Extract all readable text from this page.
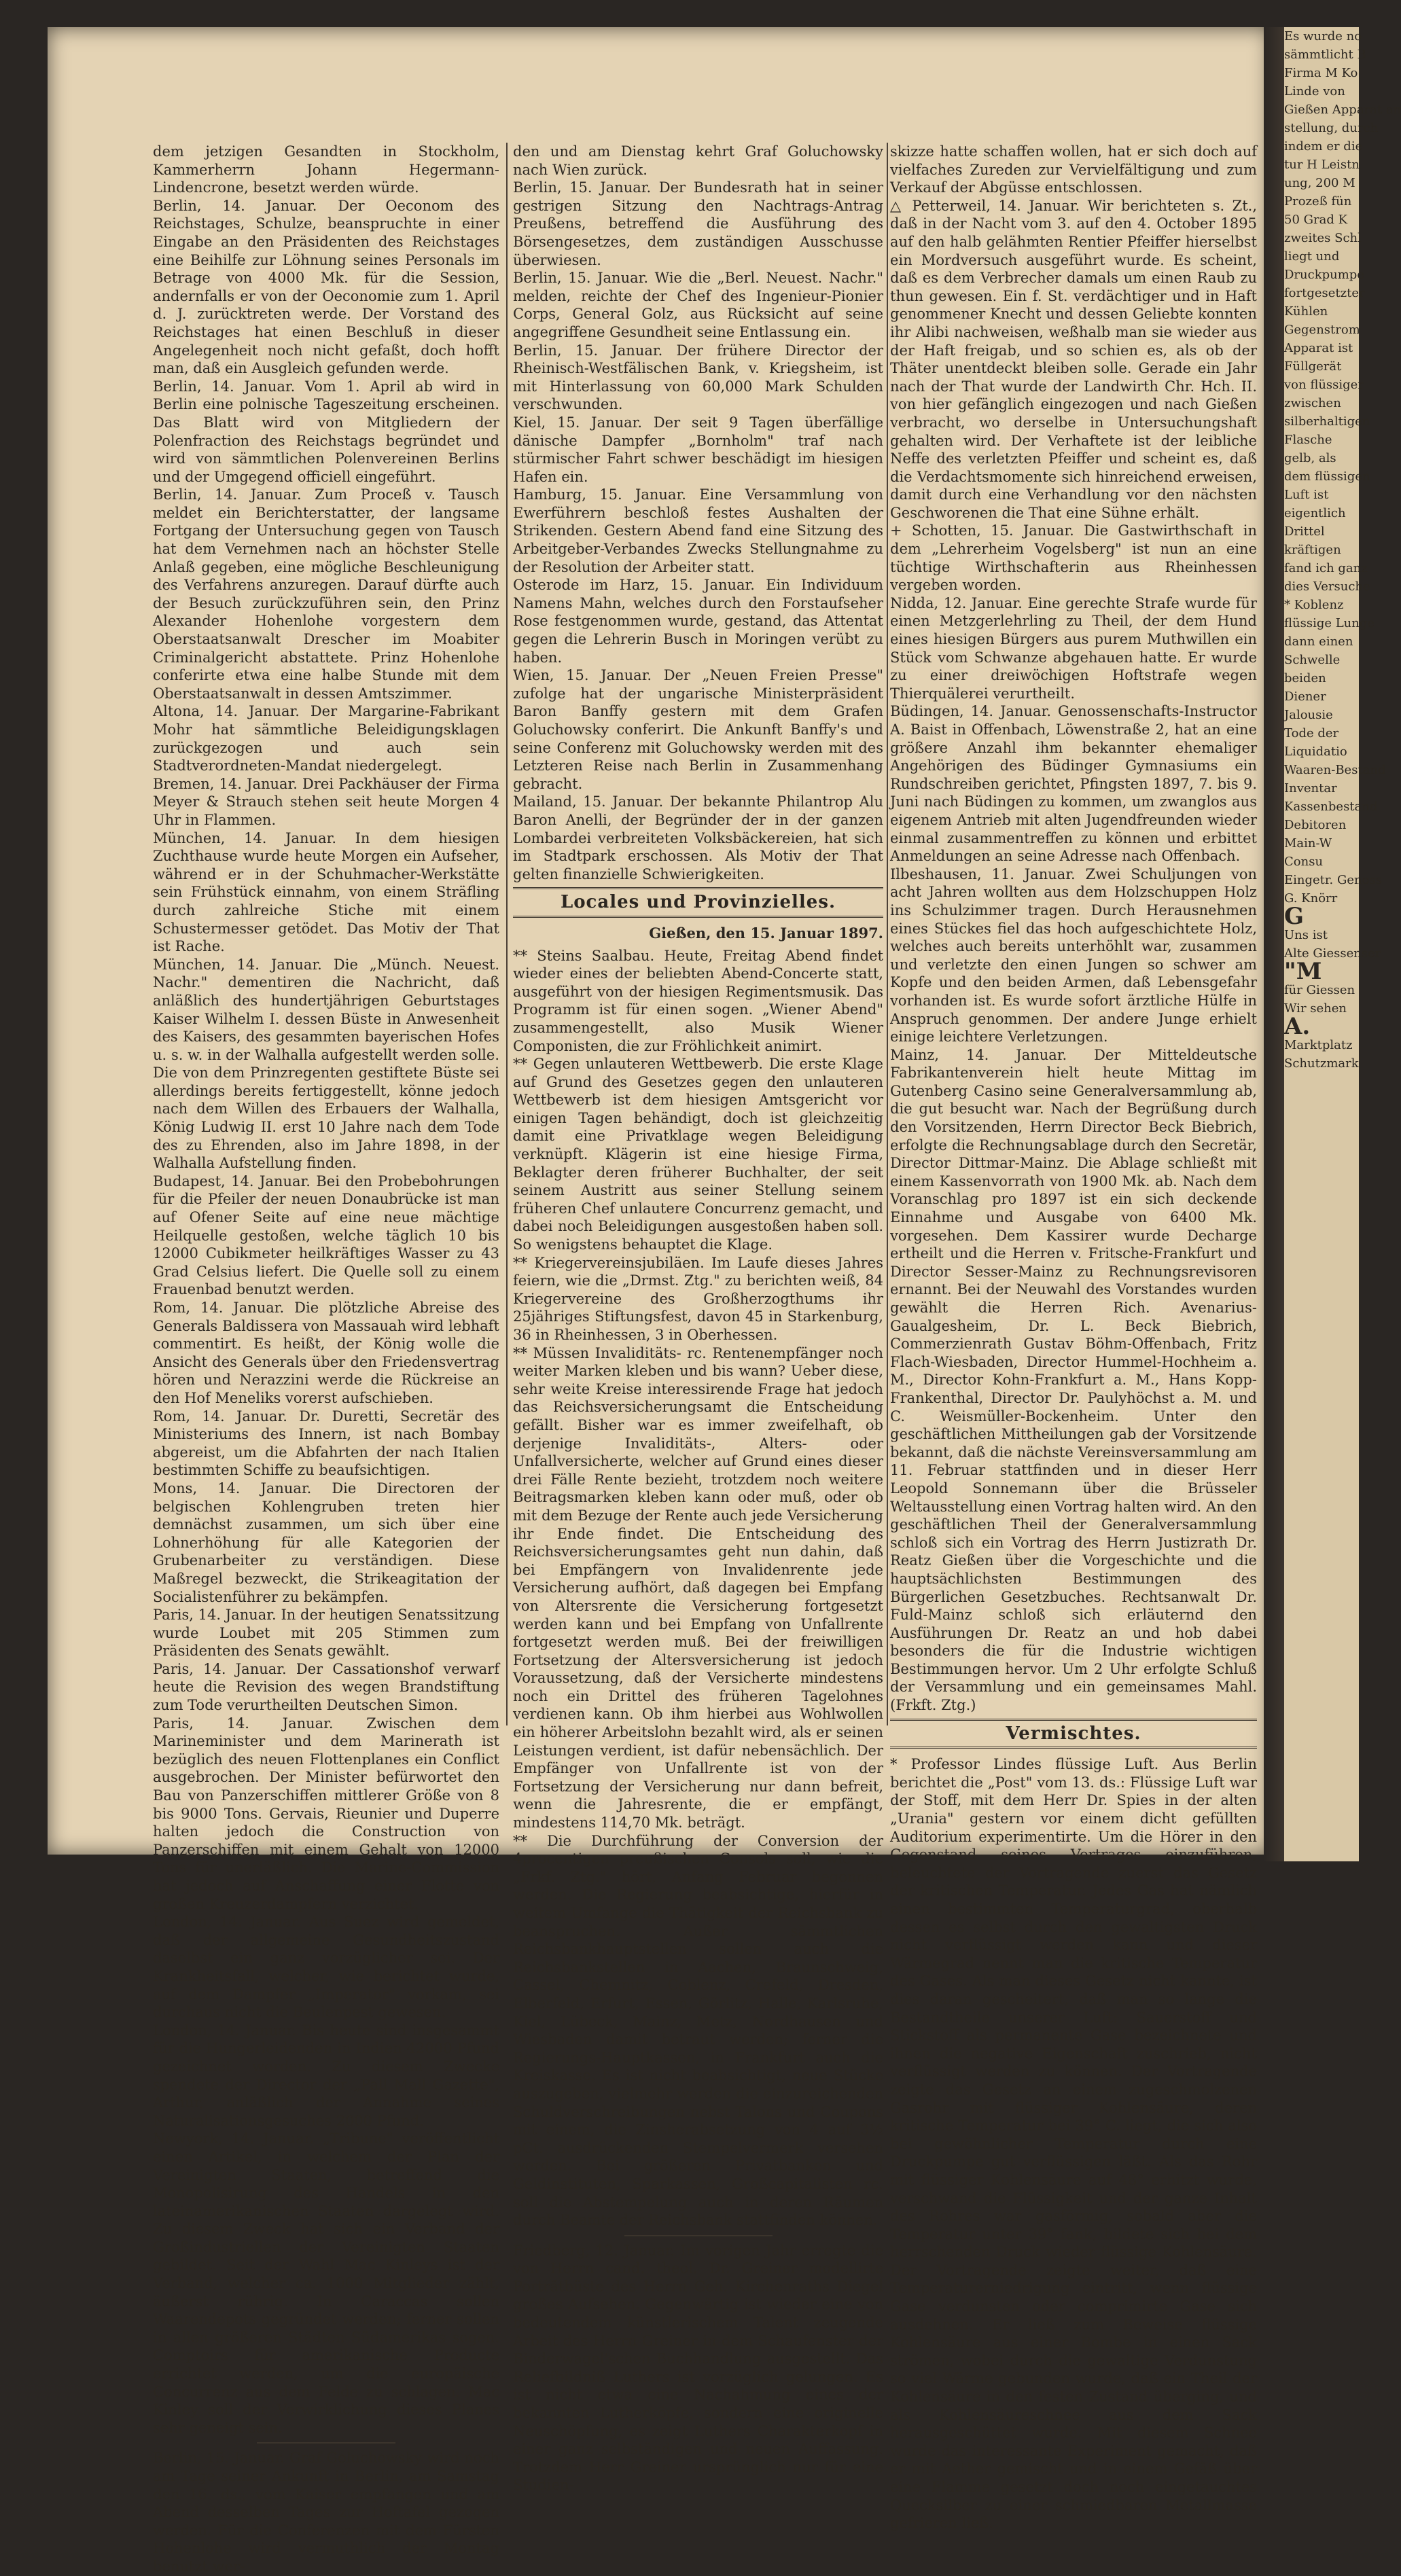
dem jetzigen Gesandten in Stockholm, Kammerherrn Johann Hegermann-Lindencrone, besetzt werden würde.

Berlin, 14. Januar. Der Oeconom des Reichstages, Schulze, beanspruchte in einer Eingabe an den Präsidenten des Reichstages eine Beihilfe zur Löhnung seines Personals im Betrage von 4000 Mk. für die Session, andernfalls er von der Oeconomie zum 1. April d. J. zurücktreten werde. Der Vorstand des Reichstages hat einen Beschluß in dieser Angelegenheit noch nicht gefaßt, doch hofft man, daß ein Ausgleich gefunden werde.

Berlin, 14. Januar. Vom 1. April ab wird in Berlin eine polnische Tageszeitung erscheinen. Das Blatt wird von Mitgliedern der Polenfraction des Reichstags begründet und wird von sämmtlichen Polenvereinen Berlins und der Umgegend officiell eingeführt.

Berlin, 14. Januar. Zum Proceß v. Tausch meldet ein Berichterstatter, der langsame Fortgang der Untersuchung gegen von Tausch hat dem Vernehmen nach an höchster Stelle Anlaß gegeben, eine mögliche Beschleunigung des Verfahrens anzuregen. Darauf dürfte auch der Besuch zurückzuführen sein, den Prinz Alexander Hohenlohe vorgestern dem Oberstaatsanwalt Drescher im Moabiter Criminalgericht abstattete. Prinz Hohenlohe conferirte etwa eine halbe Stunde mit dem Oberstaatsanwalt in dessen Amtszimmer.

Altona, 14. Januar. Der Margarine-Fabrikant Mohr hat sämmtliche Beleidigungsklagen zurückgezogen und auch sein Stadtverordneten-Mandat niedergelegt.

Bremen, 14. Januar. Drei Packhäuser der Firma Meyer & Strauch stehen seit heute Morgen 4 Uhr in Flammen.

München, 14. Januar. In dem hiesigen Zuchthause wurde heute Morgen ein Aufseher, während er in der Schuhmacher-Werkstätte sein Frühstück einnahm, von einem Sträfling durch zahlreiche Stiche mit einem Schustermesser getödet. Das Motiv der That ist Rache.

München, 14. Januar. Die „Münch. Neuest. Nachr." dementiren die Nachricht, daß anläßlich des hundertjährigen Geburtstages Kaiser Wilhelm I. dessen Büste in Anwesenheit des Kaisers, des gesammten bayerischen Hofes u. s. w. in der Walhalla aufgestellt werden solle. Die von dem Prinzregenten gestiftete Büste sei allerdings bereits fertiggestellt, könne jedoch nach dem Willen des Erbauers der Walhalla, König Ludwig II. erst 10 Jahre nach dem Tode des zu Ehrenden, also im Jahre 1898, in der Walhalla Aufstellung finden.

Budapest, 14. Januar. Bei den Probebohrungen für die Pfeiler der neuen Donaubrücke ist man auf Ofener Seite auf eine neue mächtige Heilquelle gestoßen, welche täglich 10 bis 12000 Cubikmeter heilkräftiges Wasser zu 43 Grad Celsius liefert. Die Quelle soll zu einem Frauenbad benutzt werden.

Rom, 14. Januar. Die plötzliche Abreise des Generals Baldissera von Massauah wird lebhaft commentirt. Es heißt, der König wolle die Ansicht des Generals über den Friedensvertrag hören und Nerazzini werde die Rückreise an den Hof Meneliks vorerst aufschieben.

Rom, 14. Januar. Dr. Duretti, Secretär des Ministeriums des Innern, ist nach Bombay abgereist, um die Abfahrten der nach Italien bestimmten Schiffe zu beaufsichtigen.

Mons, 14. Januar. Die Directoren der belgischen Kohlengruben treten hier demnächst zusammen, um sich über eine Lohnerhöhung für alle Kategorien der Grubenarbeiter zu verständigen. Diese Maßregel bezweckt, die Strikeagitation der Socialistenführer zu bekämpfen.

Paris, 14. Januar. In der heutigen Senatssitzung wurde Loubet mit 205 Stimmen zum Präsidenten des Senats gewählt.

Paris, 14. Januar. Der Cassationshof verwarf heute die Revision des wegen Brandstiftung zum Tode verurtheilten Deutschen Simon.

Paris, 14. Januar. Zwischen dem Marineminister und dem Marinerath ist bezüglich des neuen Flottenplanes ein Conflict ausgebrochen. Der Minister befürwortet den Bau von Panzerschiffen mittlerer Größe von 8 bis 9000 Tons. Gervais, Rieunier und Duperre halten jedoch die Construction von Panzerschiffen mit einem Gehalt von 12000 Tons für unerläßlich. Die Marine-Commission hat jedoch auf Anschaffung einer Flotte von großen Kreuzerdampfern verzichtet.

London, 14. Januar. Aus Suez wird gemeldet, daß der allgemeine Gesundheitszustand daselbst ein ganz vorzüglicher sei. Der Krankheitsfall, welcher, wie berichtet wurde, auf dem Dampfer „Imperator" vorkam, sei durchaus nicht die Beulenpest gewesen.

London, 14. Januar. Bis heute sind insgesammt für die Hungerleidenden in Indien 42000 Pfund gezeichnet worden. Zu diesem Zwecke spendete der Director der „Pall Mall Gazette", Arthur, anläßlich der Annahme seines Naturalisationsgesuches 2000 Pfund.

Newyork, 14. Januar. „Tribune" veröffentlicht einen Artikel, in welchem der Plan der Vereinigten Staaten, betreffend die Monopolisirung des Handels in den lateinamerikanischen Staaten dargelegt wird. Zu diesem Zweck hat sich ein Verband der Großindustriellen der Vereinigten Staaten gebildet. Seit der Wahl Mac Kinleys ist der Verband, welcher ca. 1000 Mitglieder zählt, äußerst rührig. In Caraccas sollen Waarendepots gegründet werden; ferner sollen in allen größeren Städten Südamerikas sogen. Comptoirs für amerikanische Producte errichtet werden, um die europäische Concurrenz aus dem Felde zu schlagen. Mac Kinley soll der Verwirklichung dieses Planes sehr geneigt sein.

Berlin, 15. Januar. Graf Goluchowsky wird noch am Tage seiner Ankunft in Berlin, am Samstag den 16. ds., vom Kaiser empfangen und am Abend desselben Tages zur Hoftafel gezogen werden. Für die Conferenzen mit dem Fürsten Hohenlohe wird vermuthlich der Montag benutzt wer-

den und am Dienstag kehrt Graf Goluchowsky nach Wien zurück.

Berlin, 15. Januar. Der Bundesrath hat in seiner gestrigen Sitzung den Nachtrags-Antrag Preußens, betreffend die Ausführung des Börsengesetzes, dem zuständigen Ausschusse überwiesen.

Berlin, 15. Januar. Wie die „Berl. Neuest. Nachr." melden, reichte der Chef des Ingenieur-Pionier Corps, General Golz, aus Rücksicht auf seine angegriffene Gesundheit seine Entlassung ein.

Berlin, 15. Januar. Der frühere Director der Rheinisch-Westfälischen Bank, v. Kriegsheim, ist mit Hinterlassung von 60,000 Mark Schulden verschwunden.

Kiel, 15. Januar. Der seit 9 Tagen überfällige dänische Dampfer „Bornholm" traf nach stürmischer Fahrt schwer beschädigt im hiesigen Hafen ein.

Hamburg, 15. Januar. Eine Versammlung von Ewerführern beschloß festes Aushalten der Strikenden. Gestern Abend fand eine Sitzung des Arbeitgeber-Verbandes Zwecks Stellungnahme zu der Resolution der Arbeiter statt.

Osterode im Harz, 15. Januar. Ein Individuum Namens Mahn, welches durch den Forstaufseher Rose festgenommen wurde, gestand, das Attentat gegen die Lehrerin Busch in Moringen verübt zu haben.

Wien, 15. Januar. Der „Neuen Freien Presse" zufolge hat der ungarische Ministerpräsident Baron Banffy gestern mit dem Grafen Goluchowsky conferirt. Die Ankunft Banffy's und seine Conferenz mit Goluchowsky werden mit des Letzteren Reise nach Berlin in Zusammenhang gebracht.

Mailand, 15. Januar. Der bekannte Philantrop Alu Baron Anelli, der Begründer der in der ganzen Lombardei verbreiteten Volksbäckereien, hat sich im Stadtpark erschossen. Als Motiv der That gelten finanzielle Schwierigkeiten.

Locales und Provinzielles.
Gießen, den 15. Januar 1897.

** Steins Saalbau. Heute, Freitag Abend findet wieder eines der beliebten Abend-Concerte statt, ausgeführt von der hiesigen Regimentsmusik. Das Programm ist für einen sogen. „Wiener Abend" zusammengestellt, also Musik Wiener Componisten, die zur Fröhlichkeit animirt.

** Gegen unlauteren Wettbewerb. Die erste Klage auf Grund des Gesetzes gegen den unlauteren Wettbewerb ist dem hiesigen Amtsgericht vor einigen Tagen behändigt, doch ist gleichzeitig damit eine Privatklage wegen Beleidigung verknüpft. Klägerin ist eine hiesige Firma, Beklagter deren früherer Buchhalter, der seit seinem Austritt aus seiner Stellung seinem früheren Chef unlautere Concurrenz gemacht, und dabei noch Beleidigungen ausgestoßen haben soll. So wenigstens behauptet die Klage.

** Kriegervereinsjubiläen. Im Laufe dieses Jahres feiern, wie die „Drmst. Ztg." zu berichten weiß, 84 Kriegervereine des Großherzogthums ihr 25jähriges Stiftungsfest, davon 45 in Starkenburg, 36 in Rheinhessen, 3 in Oberhessen.

** Müssen Invaliditäts- rc. Rentenempfänger noch weiter Marken kleben und bis wann? Ueber diese, sehr weite Kreise interessirende Frage hat jedoch das Reichsversicherungsamt die Entscheidung gefällt. Bisher war es immer zweifelhaft, ob derjenige Invaliditäts-, Alters- oder Unfallversicherte, welcher auf Grund eines dieser drei Fälle Rente bezieht, trotzdem noch weitere Beitragsmarken kleben kann oder muß, oder ob mit dem Bezuge der Rente auch jede Versicherung ihr Ende findet. Die Entscheidung des Reichsversicherungsamtes geht nun dahin, daß bei Empfängern von Invalidenrente jede Versicherung aufhört, daß dagegen bei Empfang von Altersrente die Versicherung fortgesetzt werden kann und bei Empfang von Unfallrente fortgesetzt werden muß. Bei der freiwilligen Fortsetzung der Altersversicherung ist jedoch Voraussetzung, daß der Versicherte mindestens noch ein Drittel des früheren Tagelohnes verdienen kann. Ob ihm hierbei aus Wohlwollen ein höherer Arbeitslohn bezahlt wird, als er seinen Leistungen verdient, ist dafür nebensächlich. Der Empfänger von Unfallrente ist von der Fortsetzung der Versicherung nur dann befreit, wenn die Jahresrente, die er empfängt, mindestens 114,70 Mk. beträgt.

** Die Durchführung der Conversion der 4procentigen preußischen Consols soll, wie die „Frkf. Ztg." hört, Anfang Februar begonnen werden. Die Regierung beabsichtige, hierfür in weitem Umfange die Thätigkeit der Reichsbank zu beanspruchen. Außer sämmtlichen Reichsbankhauptstellen sollen auch die Reichsbankstellen in Aachen, Braunschweig, Cassel, Chemnitz, Coblenz, Crefeld, Dresden, Elberfeld, Erfurt, Essen, Görlitz, Halle, Karlsruhe, Kiel, Lübeck, Mainz, Metz, Nordhausen und Wiesbaden damit betraut werden; ferner die Regierungs-Hauptkassen, in Frankfurt auch die Kreiskasse. Es ist nicht beabsichtigt, neue Stücke auszugeben, vielmehr werden die einzureichenden Schuldverschreibungen nebst Talons und Coupons mit einem, die Zinsherabsetzung von 4 auf 3½ pCt. ausdrückenden Stempelvermerk versehen werden. Bei größeren Privatbanken und Geldinstituten, Sparkassen, Großcapitalisten rc. soll die Abstempelung auch in deren Räumen durch Beamte der Reichsbank stattfinden können.

Friedberg, 12. Januar. Im vorigen Jahr erregte die von Herrn cand. theol. Dr. Greiner modellirte Porträtbüste des Herrn Geh. Kirchenraths Diegel großes Aufsehen. Gegenwärtig ist wieder eine von bedeutendem künstlerischem Talent zeugende Arbeit des Herrn Greiner in dem Schaufenster der Binderwagel'schen Buchhandlung ausgestellt. Das Reliefbildniß Luthers ist vorzüglich gelungen. Es ist nicht etwa eine Nachahmung eines der bekannten Lutherköpfe, sondern eine originelle Neuschöpfung, es zeigt Luthers Charakterkopf in einer ganz selbständigen und neuen Auffassung. Trotzdem Herr Greiner ursprünglich nur für eine Studien-

skizze hatte schaffen wollen, hat er sich doch auf vielfaches Zureden zur Vervielfältigung und zum Verkauf der Abgüsse entschlossen.

△ Petterweil, 14. Januar. Wir berichteten s. Zt., daß in der Nacht vom 3. auf den 4. October 1895 auf den halb gelähmten Rentier Pfeiffer hierselbst ein Mordversuch ausgeführt wurde. Es scheint, daß es dem Verbrecher damals um einen Raub zu thun gewesen. Ein f. St. verdächtiger und in Haft genommener Knecht und dessen Geliebte konnten ihr Alibi nachweisen, weßhalb man sie wieder aus der Haft freigab, und so schien es, als ob der Thäter unentdeckt bleiben solle. Gerade ein Jahr nach der That wurde der Landwirth Chr. Hch. II. von hier gefänglich eingezogen und nach Gießen verbracht, wo derselbe in Untersuchungshaft gehalten wird. Der Verhaftete ist der leibliche Neffe des verletzten Pfeiffer und scheint es, daß die Verdachtsmomente sich hinreichend erweisen, damit durch eine Verhandlung vor den nächsten Geschworenen die That eine Sühne erhält.

+ Schotten, 15. Januar. Die Gastwirthschaft in dem „Lehrerheim Vogelsberg" ist nun an eine tüchtige Wirthschafterin aus Rheinhessen vergeben worden.

Nidda, 12. Januar. Eine gerechte Strafe wurde für einen Metzgerlehrling zu Theil, der dem Hund eines hiesigen Bürgers aus purem Muthwillen ein Stück vom Schwanze abgehauen hatte. Er wurde zu einer dreiwöchigen Hoftstrafe wegen Thierquälerei verurtheilt.

Büdingen, 14. Januar. Genossenschafts-Instructor A. Baist in Offenbach, Löwenstraße 2, hat an eine größere Anzahl ihm bekannter ehemaliger Angehörigen des Büdinger Gymnasiums ein Rundschreiben gerichtet, Pfingsten 1897, 7. bis 9. Juni nach Büdingen zu kommen, um zwanglos aus eigenem Antrieb mit alten Jugendfreunden wieder einmal zusammentreffen zu können und erbittet Anmeldungen an seine Adresse nach Offenbach.

Ilbeshausen, 11. Januar. Zwei Schuljungen von acht Jahren wollten aus dem Holzschuppen Holz ins Schulzimmer tragen. Durch Herausnehmen eines Stückes fiel das hoch aufgeschichtete Holz, welches auch bereits unterhöhlt war, zusammen und verletzte den einen Jungen so schwer am Kopfe und den beiden Armen, daß Lebensgefahr vorhanden ist. Es wurde sofort ärztliche Hülfe in Anspruch genommen. Der andere Junge erhielt einige leichtere Verletzungen.

Mainz, 14. Januar. Der Mitteldeutsche Fabrikantenverein hielt heute Mittag im Gutenberg Casino seine Generalversammlung ab, die gut besucht war. Nach der Begrüßung durch den Vorsitzenden, Herrn Director Beck Biebrich, erfolgte die Rechnungsablage durch den Secretär, Director Dittmar-Mainz. Die Ablage schließt mit einem Kassenvorrath von 1900 Mk. ab. Nach dem Voranschlag pro 1897 ist ein sich deckende Einnahme und Ausgabe von 6400 Mk. vorgesehen. Dem Kassirer wurde Decharge ertheilt und die Herren v. Fritsche-Frankfurt und Director Sesser-Mainz zu Rechnungsrevisoren ernannt. Bei der Neuwahl des Vorstandes wurden gewählt die Herren Rich. Avenarius-Gaualgesheim, Dr. L. Beck Biebrich, Commerzienrath Gustav Böhm-Offenbach, Fritz Flach-Wiesbaden, Director Hummel-Hochheim a. M., Director Kohn-Frankfurt a. M., Hans Kopp-Frankenthal, Director Dr. Paulyhöchst a. M. und C. Weismüller-Bockenheim. Unter den geschäftlichen Mittheilungen gab der Vorsitzende bekannt, daß die nächste Vereinsversammlung am 11. Februar stattfinden und in dieser Herr Leopold Sonnemann über die Brüsseler Weltausstellung einen Vortrag halten wird. An den geschäftlichen Theil der Generalversammlung schloß sich ein Vortrag des Herrn Justizrath Dr. Reatz Gießen über die Vorgeschichte und die hauptsächlichsten Bestimmungen des Bürgerlichen Gesetzbuches. Rechtsanwalt Dr. Fuld-Mainz schloß sich erläuternd den Ausführungen Dr. Reatz an und hob dabei besonders die für die Industrie wichtigen Bestimmungen hervor. Um 2 Uhr erfolgte Schluß der Versammlung und ein gemeinsames Mahl. (Frkft. Ztg.)

Vermischtes.

* Professor Lindes flüssige Luft. Aus Berlin berichtet die „Post" vom 13. ds.: Flüssige Luft war der Stoff, mit dem Herr Dr. Spies in der alten „Urania" gestern vor einem dicht gefüllten Auditorium experimentirte. Um die Hörer in den Gegenstand seines Vortrages einzuführen, beleuchtete der Vortragende zuerst das Gesetz der kritischen Temperatur. Jedes Gas hat nämlich einen bestimmten Temperaturgrad, oberhalb dessen es selbst durch den gewaltigsten Druck nicht verflüssigt werden kann und dieser Wärmegrad nennt man die kritische Temperatur des Gases. Als man dieses Gesetz nicht kannte, ist dies daran gescheitert, daß man so lange die Bestandtheile unserer Luft: Sauerstoff und Stickstoff als permanente Gase bezeichnete und ihnen die negative Eigenschaft zuschrieb, nicht verflüssigt werden zu können. Der Vortragende zeigte das Gesetz an einem zugeschmolzenen Gasrohr mit flüssiger Kohlensäure, deren kritische Temperatur bei 39° C. liegt, die sich also bei gewöhnlicher Temperatur durch eine Druckpumpe gut verflüssigen läßt. Als das Rohr mit flüssiger Kohlensäure auf 48° erhitzt wurde, verschwand die Flüssigkeit und der ganze Inhalt des Rohres war gasförmig, sobald aber die Temperatur unter 39° fank, bildete sich bei dem herrschenden Druck wieder flüssige Kohlensäure. Der Vortragende zeigte weiter, daß eine Temperaturerniedrigung eintritt, wenn flüssige Gase verdunsten oder comprimirte Gase sich ausdehnen. Er ließ zum Beweise flüssige Kohlensäure aus einer Bombe in einen Sack strömen, wobei durch die gewaltige Verdunstung so viel Wärme gebunden wurde, daß ein Theil der Kohlensäure in den festen Zustand überging, und als Kohlensäureschnee aus dem Sack herausgeschüttet wurde. Mit diesem Schnee wurde das interessante Experiment gemacht, daß er mit Aether gemischt und in einem Gefäß über eine Flamme gesetzt doch noch eingetauchtes Quecksilber zu einer schmiedbaren Metallmasse gefrieren ließ.

Es wurde no

sämmtlicht B

Firma M Ko

Linde von

Gießen Apparat an

stellung, durch

indem er die

tur H Leistn

ung, 200 M

Prozeß fün

50 Grad K

zweites Schl

liegt und

Druckpumpe

fortgesetzter

Kühlen

Gegenstrom

Apparat ist

Füllgerät

von flüssiger

zwischen

silberhaltigen

Flasche

gelb, als

dem flüssigen

Luft ist

eigentlich

Drittel

kräftigen

fand ich ganz

dies Versuche

* Koblenz

flüssige Lunge

dann einen

Schwelle

beiden

Diener

Jalousie

Tode der

Liquidatio

Waaren-Bestand

Inventar

Kassenbestand

Debitoren

Main-W

Consu

Eingetr. Genoss

G. Knörr

G

Uns ist

Alte Giessenser

"M

für Giessen

Wir sehen

A.

Marktplatz

Schutzmark
